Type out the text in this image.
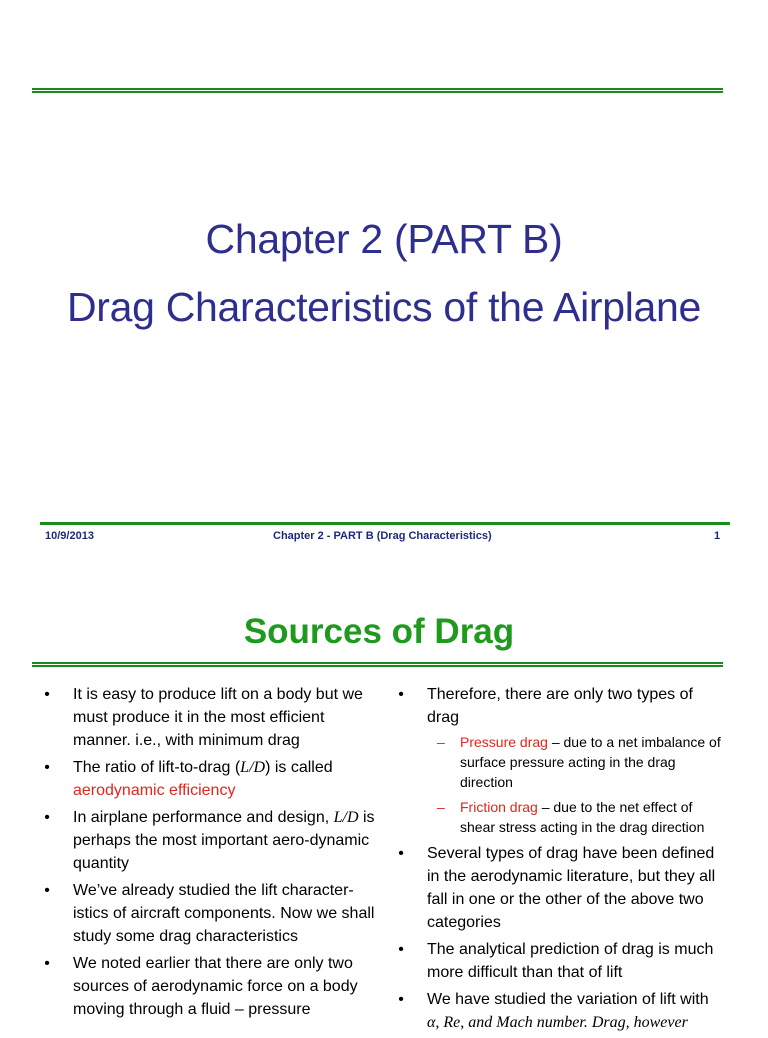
Chapter 2 (PART B)
Drag Characteristics of the Airplane
10/9/2013	Chapter 2 - PART B (Drag Characteristics)	1
Sources of Drag
• It is easy to produce lift on a body but we must produce it in the most efficient manner. i.e., with minimum drag
• The ratio of lift-to-drag (L/D) is called
aerodynamic efficiency
• In airplane performance and design, L/D is perhaps the most important aero-dynamic quantity
• We’ve already studied the lift character-istics of aircraft components. Now we shall study some drag characteristics
• We noted earlier that there are only two sources of aerodynamic force on a body moving through a fluid – pressure
• Therefore, there are only two types of drag
– Pressure drag – due to a net imbalance of surface pressure acting in the drag direction
– Friction drag – due to the net effect of shear stress acting in the drag direction
• Several types of drag have been defined in the aerodynamic literature, but they all fall in one or the other of the above two categories
• The analytical prediction of drag is much more difficult than that of lift
• We have studied the variation of lift with
α, Re, and Mach number. Drag, however
